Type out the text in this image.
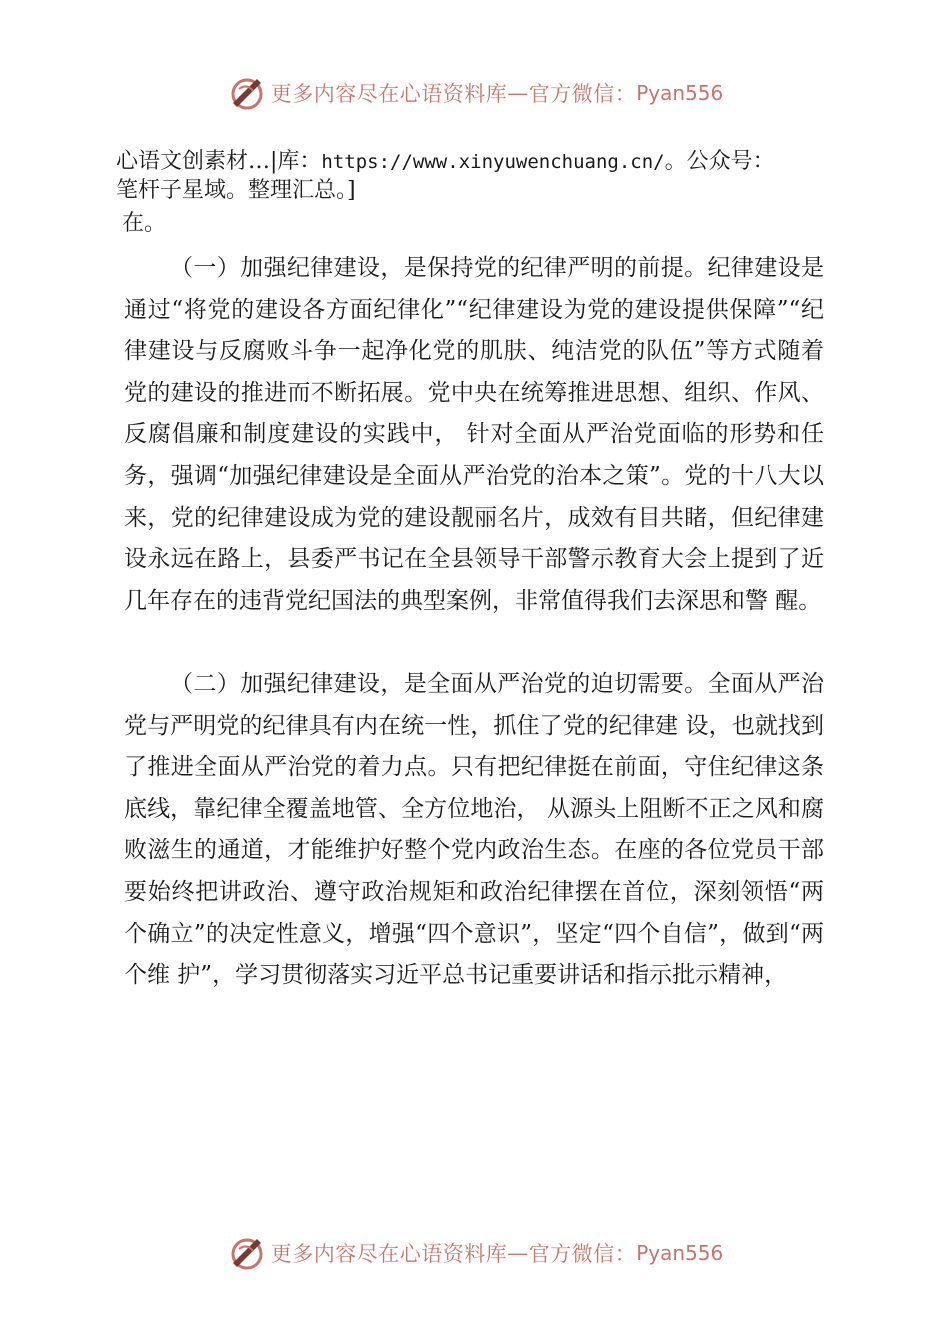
更多内容尽在心语资料库 — 官方微信： Pyan556
心语文创素材…|库：https://www.xinyuwenchuang.cn/。公众号：
笔杆子星域。整理汇总。]
在。

（一）加强纪律建设，是保持党的纪律严明的前提。纪律建设是通过“将党的建设各方面纪律化”“纪律建设为党的建设提供保障”“纪律建设与反腐败斗争一起净化党的肌肤、纯洁党的队伍”等方式随着党的建设的推进而不断拓展。党中央在统筹推进思想、组织、作风、反腐倡廉和制度建设的实践中， 针对全面从严治党面临的形势和任务，强调“加强纪律建设是全面从严治党的治本之策”。党的十八大以来，党的纪律建设成为党的建设靓丽名片，成效有目共睹，但纪律建设永远在路上，县委严书记在全县领导干部警示教育大会上提到了近几年存在的违背党纪国法的典型案例，非常值得我们去深思和警 醒。

（二）加强纪律建设，是全面从严治党的迫切需要。全面从严治党与严明党的纪律具有内在统一性，抓住了党的纪律建 设，也就找到了推进全面从严治党的着力点。只有把纪律挺在前面，守住纪律这条底线，靠纪律全覆盖地管、全方位地治， 从源头上阻断不正之风和腐败滋生的通道，才能维护好整个党内政治生态。在座的各位党员干部要始终把讲政治、遵守政治规矩和政治纪律摆在首位，深刻领悟“两个确立”的决定性意义，增强“四个意识”，坚定“四个自信”，做到“两个维 护”，学习贯彻落实习近平总书记重要讲话和指示批示精神，

更多内容尽在心语资料库 — 官方微信： Pyan556
